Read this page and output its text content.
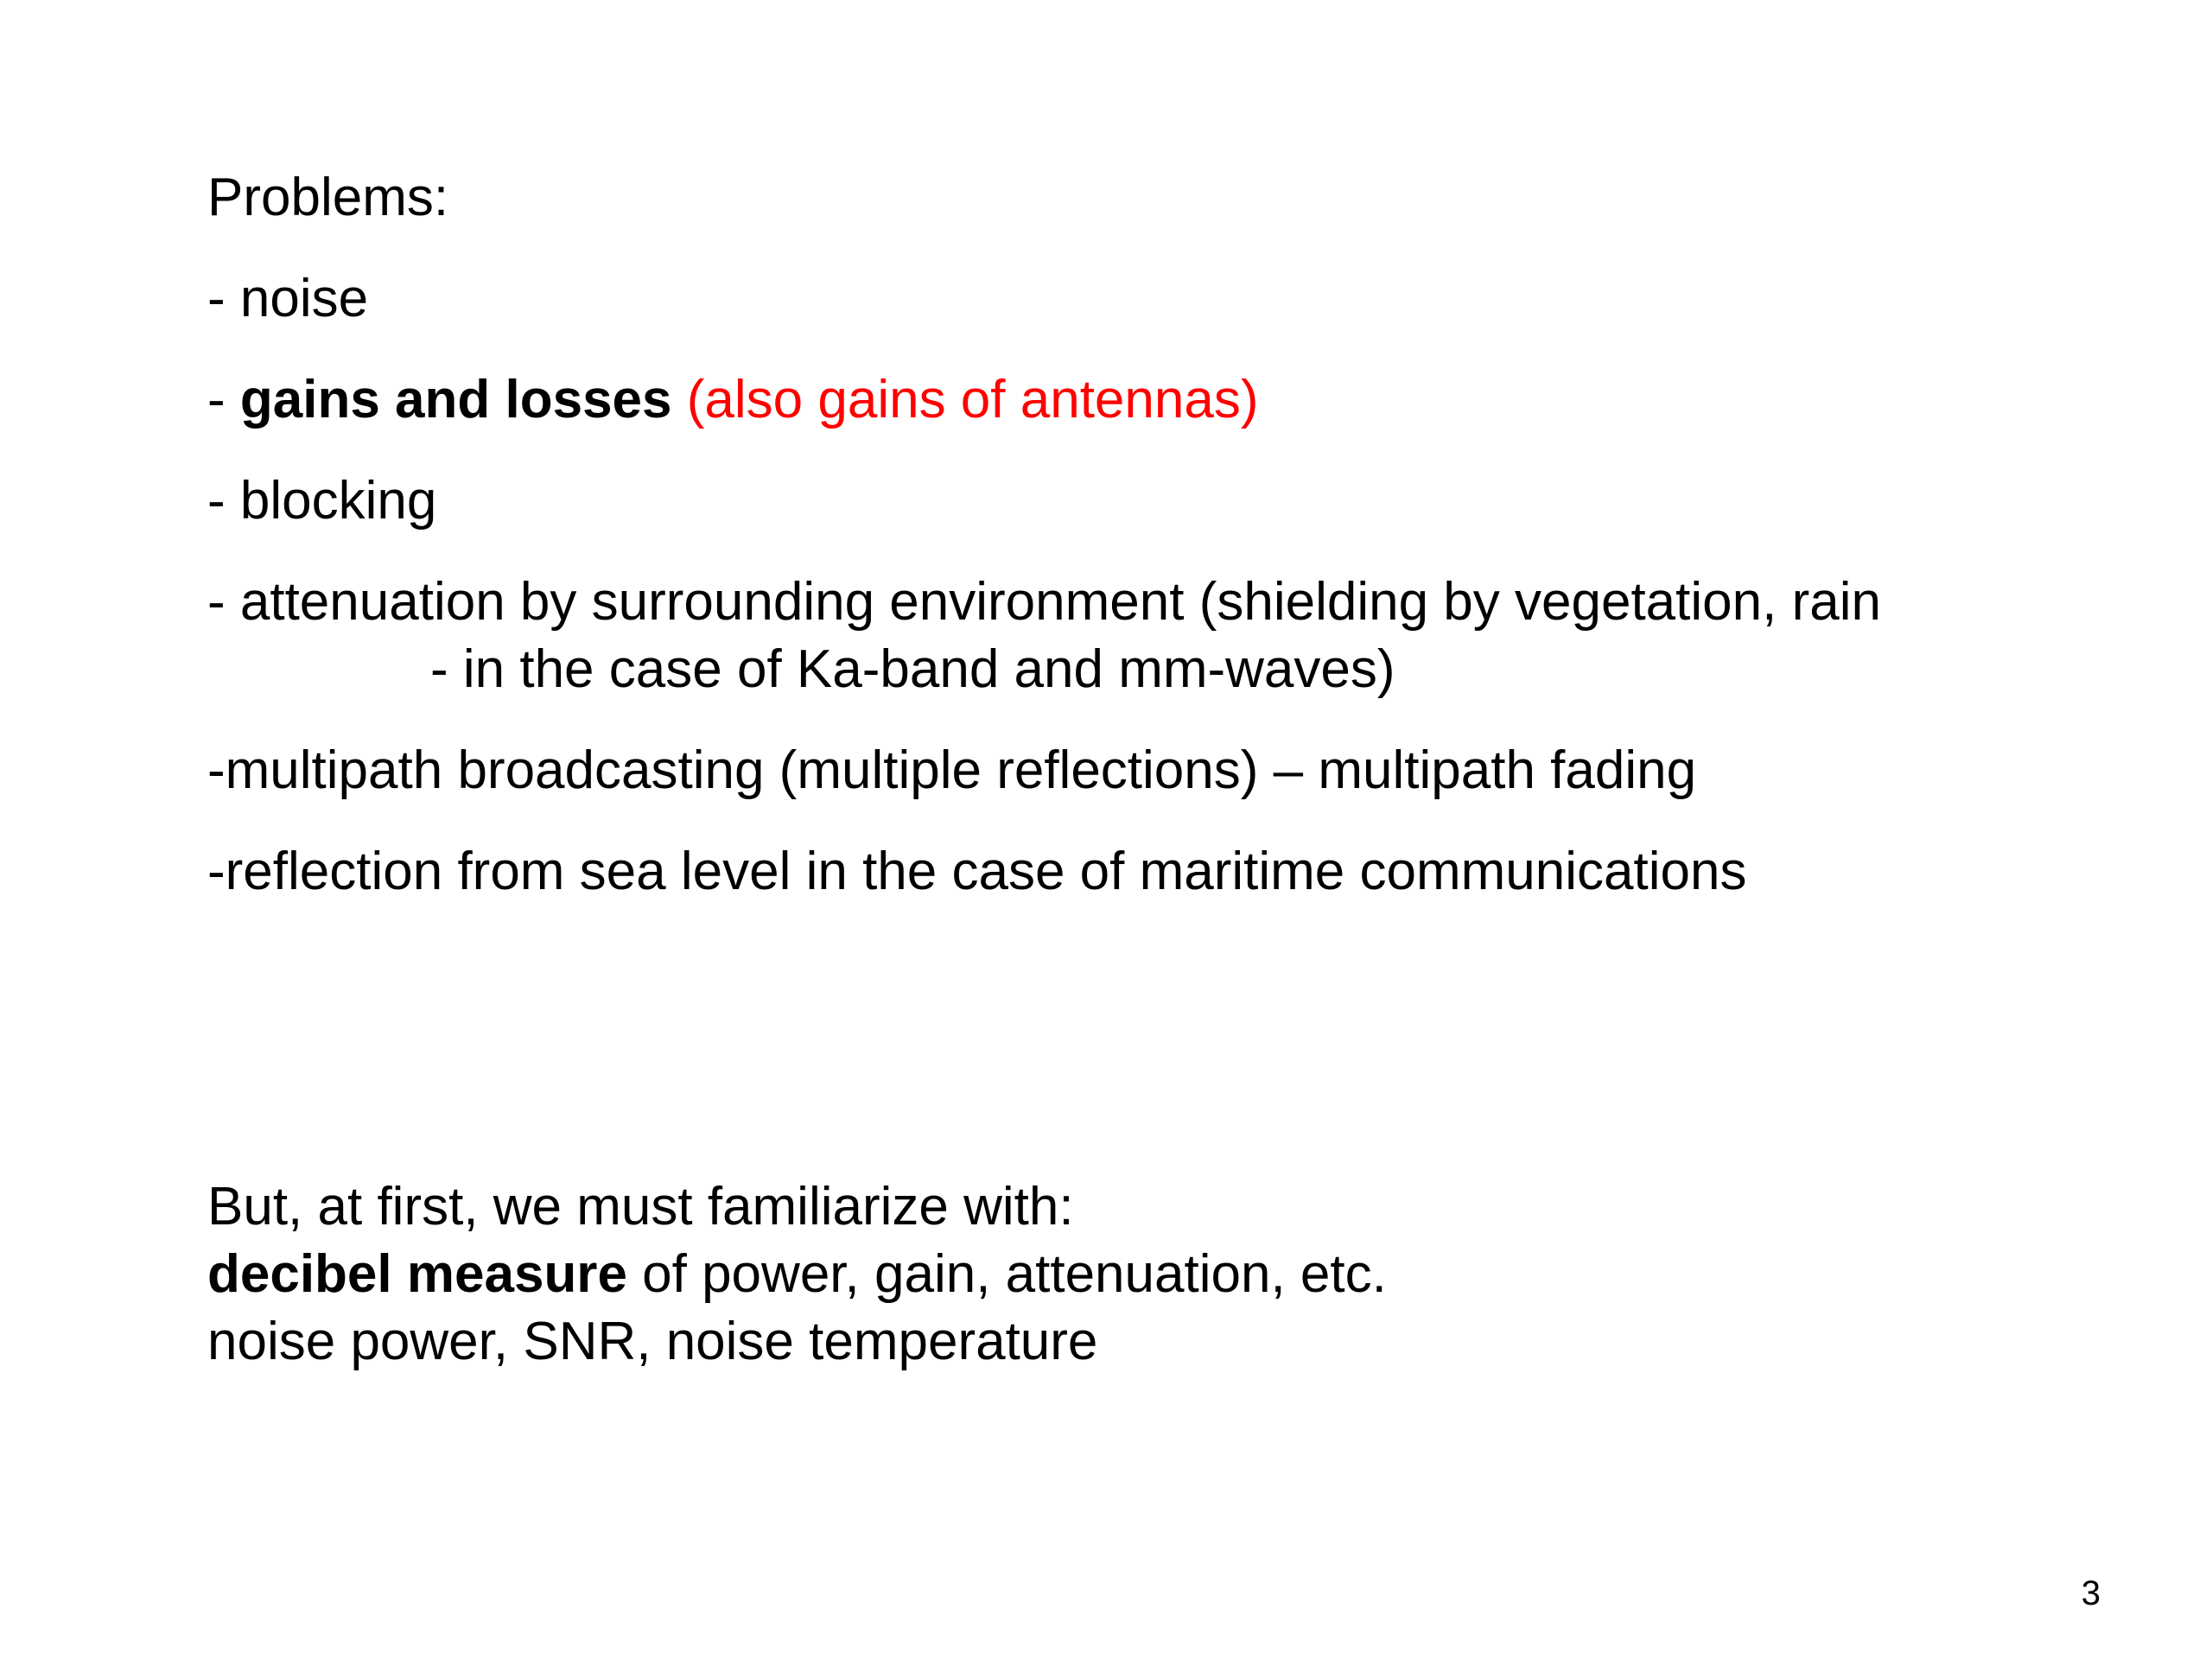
Problems:
- noise
- gains and losses (also gains of antennas)
- blocking
- attenuation by surrounding environment (shielding by vegetation, rain
- in the case of Ka-band and mm-waves)
-multipath broadcasting (multiple reflections) – multipath fading
-reflection from sea level in the case of maritime communications
But, at first, we must familiarize with:
decibel measure of power, gain, attenuation, etc.
noise power, SNR, noise temperature
3
